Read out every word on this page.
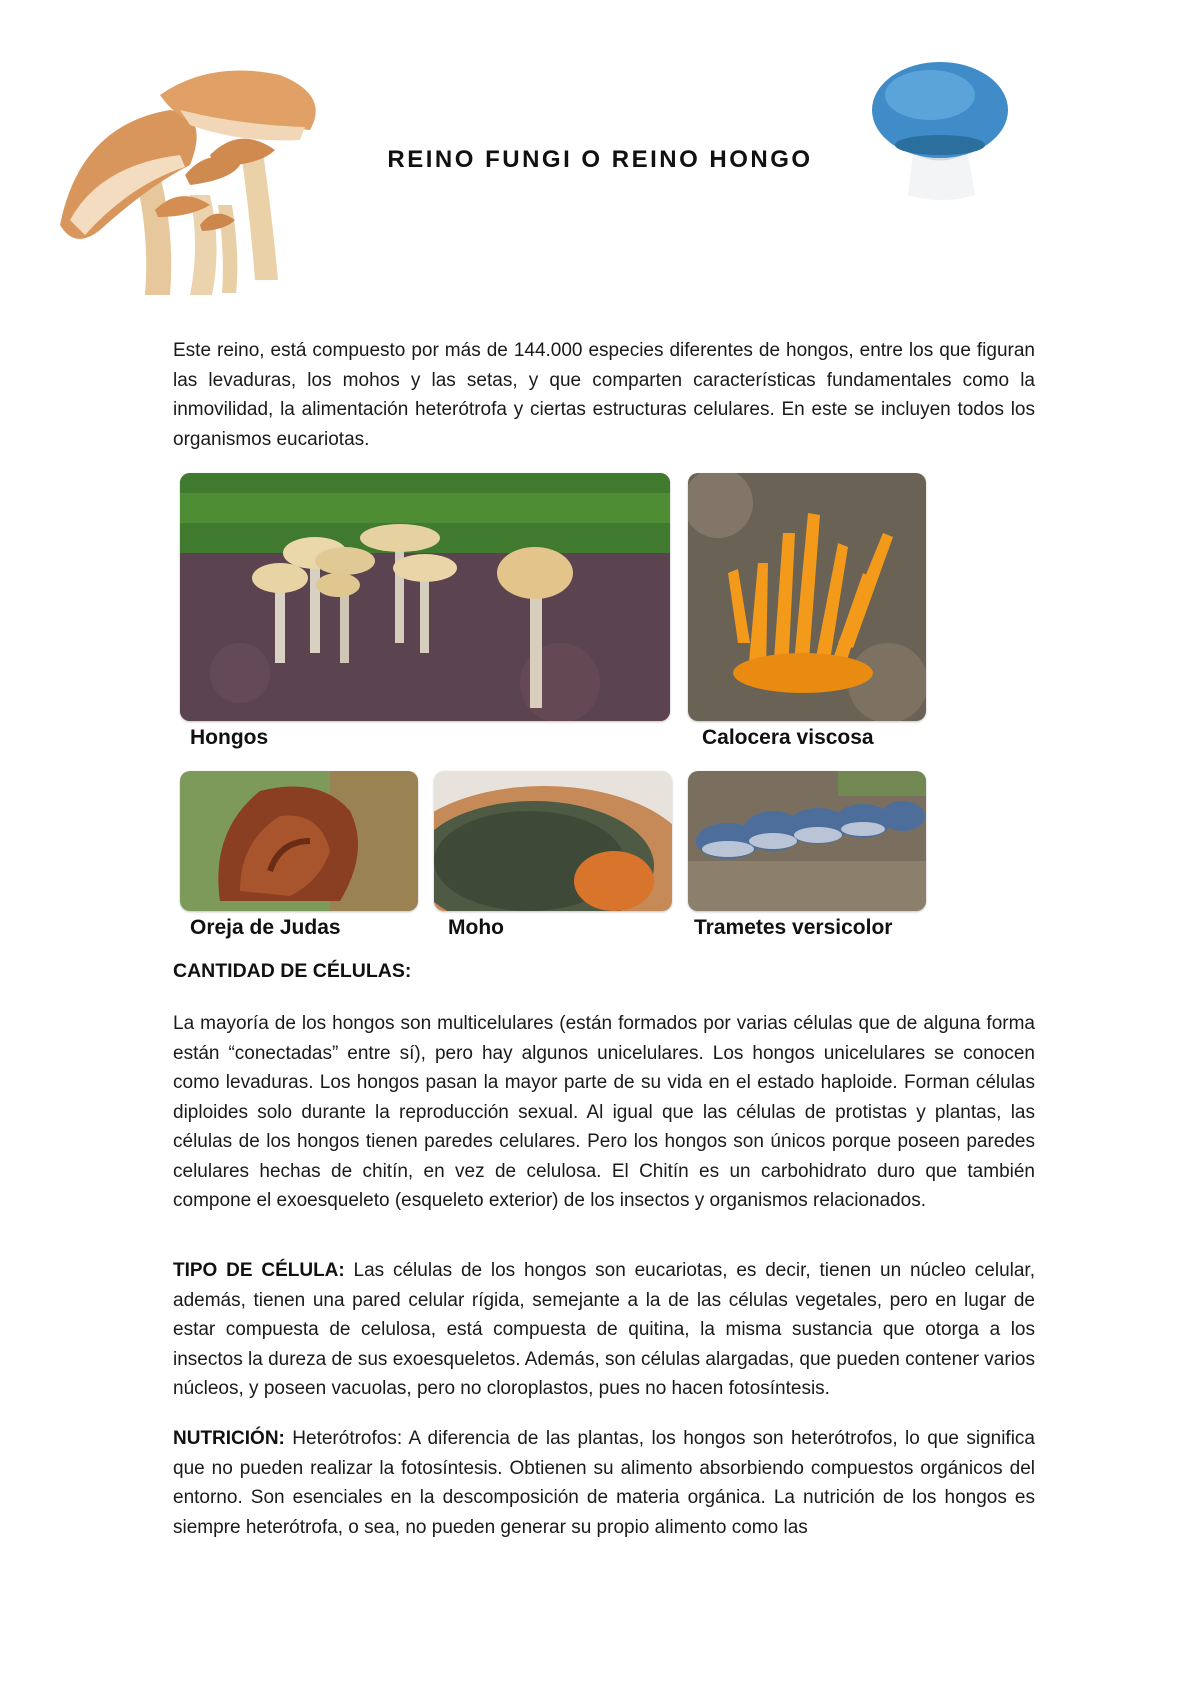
REINO FUNGI O REINO HONGO

Este reino, está compuesto por más de 144.000 especies diferentes de hongos, entre los que figuran las levaduras, los mohos y las setas, y que comparten características fundamentales como la inmovilidad, la alimentación heterótrofa y ciertas estructuras celulares. En este se incluyen todos los organismos eucariotas.

Hongos	Calocera viscosa
Oreja de Judas	Moho	Trametes versicolor
CANTIDAD DE CÉLULAS:

La mayoría de los hongos son multicelulares (están formados por varias células que de alguna forma están “conectadas” entre sí), pero hay algunos unicelulares. Los hongos unicelulares se conocen como levaduras. Los hongos pasan la mayor parte de su vida en el estado haploide. Forman células diploides solo durante la reproducción sexual. Al igual que las células de protistas y plantas, las células de los hongos tienen paredes celulares. Pero los hongos son únicos porque poseen paredes celulares hechas de chitín, en vez de celulosa. El Chitín es un carbohidrato duro que también compone el exoesqueleto (esqueleto exterior) de los insectos y organismos relacionados.

TIPO DE CÉLULA: Las células de los hongos son eucariotas, es decir, tienen un núcleo celular, además, tienen una pared celular rígida, semejante a la de las células vegetales, pero en lugar de estar compuesta de celulosa, está compuesta de quitina, la misma sustancia que otorga a los insectos la dureza de sus exoesqueletos. Además, son células alargadas, que pueden contener varios núcleos, y poseen vacuolas, pero no cloroplastos, pues no hacen fotosíntesis.

NUTRICIÓN: Heterótrofos: A diferencia de las plantas, los hongos son heterótrofos, lo que significa que no pueden realizar la fotosíntesis. Obtienen su alimento absorbiendo compuestos orgánicos del entorno. Son esenciales en la descomposición de materia orgánica. La nutrición de los hongos es siempre heterótrofa, o sea, no pueden generar su propio alimento como las
